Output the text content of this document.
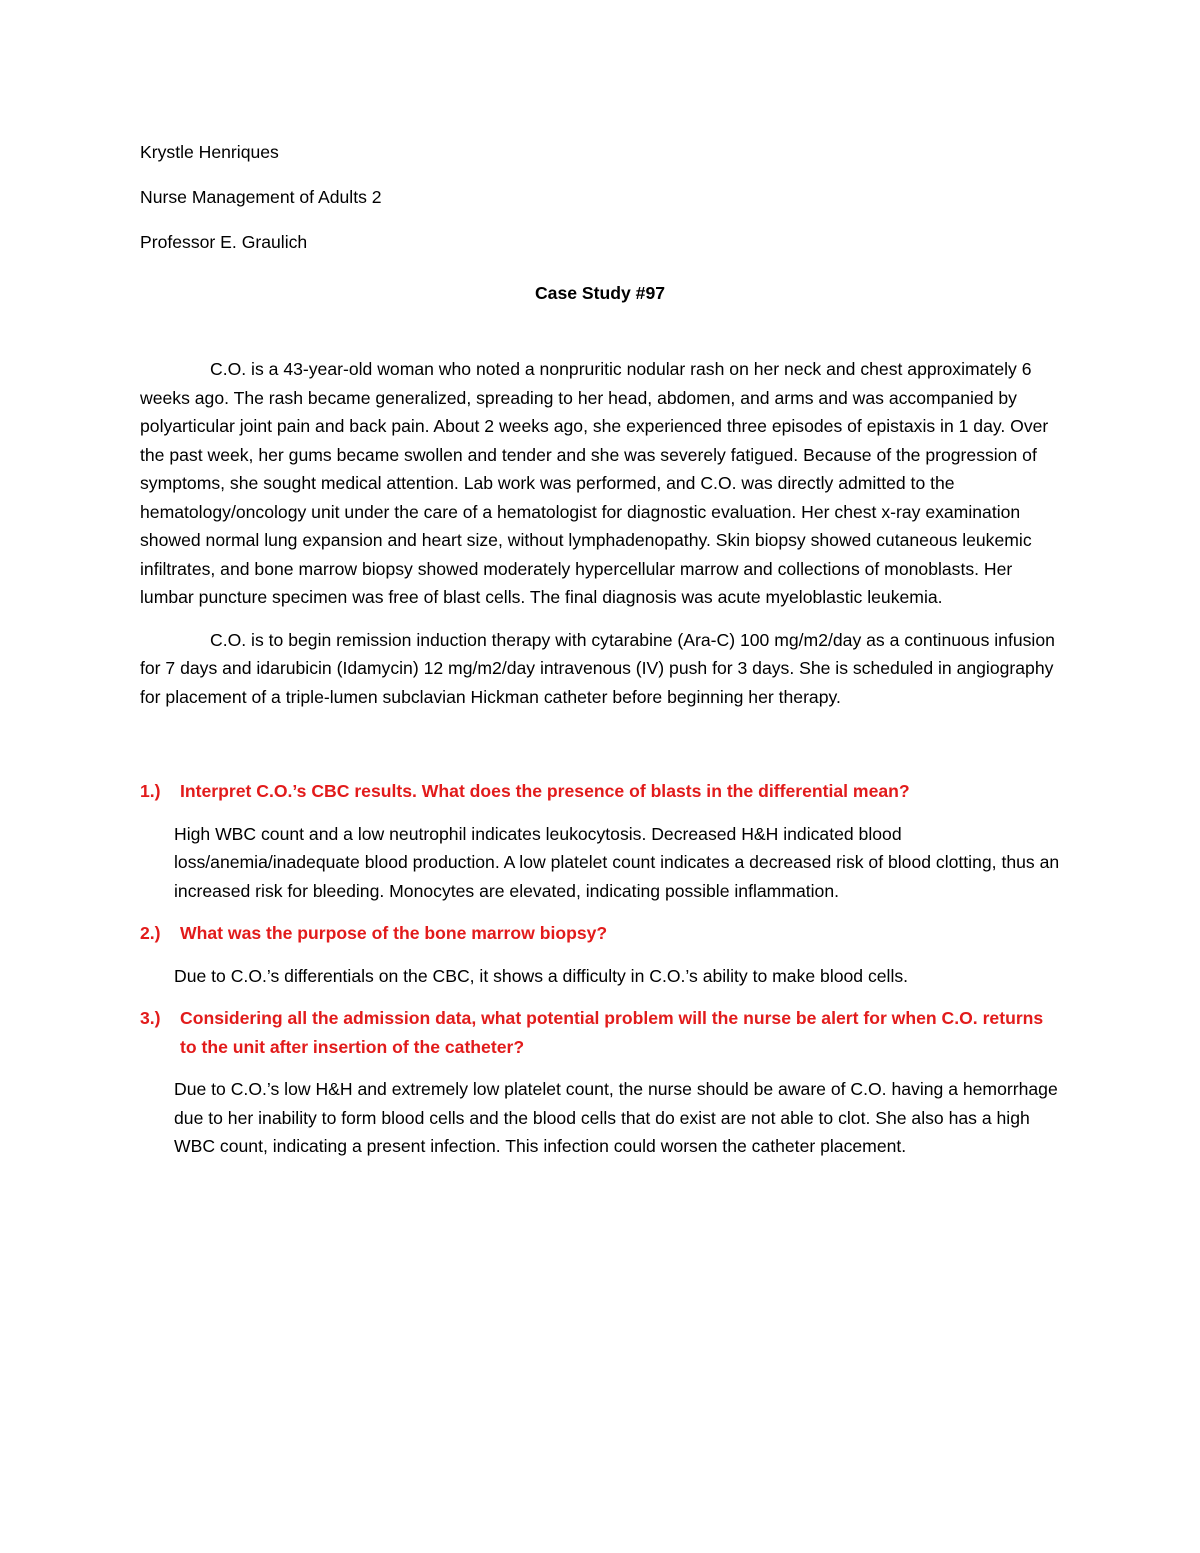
Krystle Henriques
Nurse Management of Adults 2
Professor E. Graulich
Case Study #97

C.O. is a 43-year-old woman who noted a nonpruritic nodular rash on her neck and chest approximately 6 weeks ago. The rash became generalized, spreading to her head, abdomen, and arms and was accompanied by polyarticular joint pain and back pain. About 2 weeks ago, she experienced three episodes of epistaxis in 1 day. Over the past week, her gums became swollen and tender and she was severely fatigued. Because of the progression of symptoms, she sought medical attention. Lab work was performed, and C.O. was directly admitted to the hematology/oncology unit under the care of a hematologist for diagnostic evaluation. Her chest x-ray examination showed normal lung expansion and heart size, without lymphadenopathy. Skin biopsy showed cutaneous leukemic infiltrates, and bone marrow biopsy showed moderately hypercellular marrow and collections of monoblasts. Her lumbar puncture specimen was free of blast cells. The final diagnosis was acute myeloblastic leukemia.

C.O. is to begin remission induction therapy with cytarabine (Ara-C) 100 mg/m2/day as a continuous infusion for 7 days and idarubicin (Idamycin) 12 mg/m2/day intravenous (IV) push for 3 days. She is scheduled in angiography for placement of a triple-lumen subclavian Hickman catheter before beginning her therapy.

1.)	Interpret C.O.’s CBC results. What does the presence of blasts in the differential mean?

High WBC count and a low neutrophil indicates leukocytosis. Decreased H&H indicated blood loss/anemia/inadequate blood production. A low platelet count indicates a decreased risk of blood clotting, thus an increased risk for bleeding. Monocytes are elevated, indicating possible inflammation.

2.)	What was the purpose of the bone marrow biopsy?

Due to C.O.’s differentials on the CBC, it shows a difficulty in C.O.’s ability to make blood cells.

3.)	Considering all the admission data, what potential problem will the nurse be alert for when C.O. returns to the unit after insertion of the catheter?

Due to C.O.’s low H&H and extremely low platelet count, the nurse should be aware of C.O. having a hemorrhage due to her inability to form blood cells and the blood cells that do exist are not able to clot. She also has a high WBC count, indicating a present infection. This infection could worsen the catheter placement.
